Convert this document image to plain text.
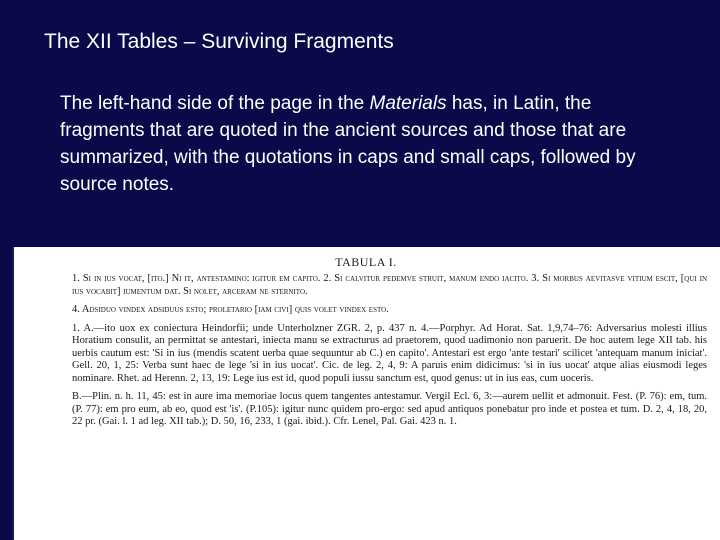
The XII Tables – Surviving Fragments
The left-hand side of the page in the Materials has, in Latin, the fragments that are quoted in the ancient sources and those that are summarized, with the quotations in caps and small caps, followed by source notes.
TABULA I.

1. Si in ius vocat, [ito.] Ni it, antestamino: igitur em capito. 2. Si calvitur pedemve struit, manum endo iacito. 3. Si morbus aevitasve vitium escit, [qui in ius vocabit] iumentum dat. Si nolet, arceram ne sternito.

4. Adsiduo vindex adsiduus esto; proletario [iam civi] quis volet vindex esto.

1. A.—ito uox ex coniectura Heindorfii; unde Unterholzner ZGR. 2, p. 437 n. 4.—Porphyr. Ad Horat. Sat. 1,9,74–76: Adversarius molesti illius Horatium consulit, an permittat se antestari, iniecta manu se extracturus ad praetorem, quod uadimonio non paruerit. De hoc autem lege XII tab. his uerbis cautum est: 'Si in ius (mendis scatent uerba quae sequuntur ab C.) en capito'. Antestari est ergo 'ante testari' scilicet 'antequam manum iniciat'. Gell. 20, 1, 25: Verba sunt haec de lege 'si in ius uocat'. Cic. de leg. 2, 4, 9: A paruis enim didicimus: 'si in ius uocat' atque alias eiusmodi leges nominare. Rhet. ad Herenn. 2, 13, 19: Lege ius est id, quod populi iussu sanctum est, quod genus: ut in ius eas, cum uoceris.

B.—Plin. n. h. 11, 45: est in aure ima memoriae locus quem tangentes antestamur. Vergil Ecl. 6, 3:—aurem uellit et admonuit. Fest. (P. 76): em, tum. (P. 77): em pro eum, ab eo, quod est 'is'. (P.105): igitur nunc quidem pro-ergo: sed apud antiquos ponebatur pro inde et postea et tum. D. 2, 4, 18, 20, 22 pr. (Gai. l. 1 ad leg. XII tab.); D. 50, 16, 233, 1 (gai. ibid.). Cfr. Lenel, Pal. Gai. 423 n. 1.
